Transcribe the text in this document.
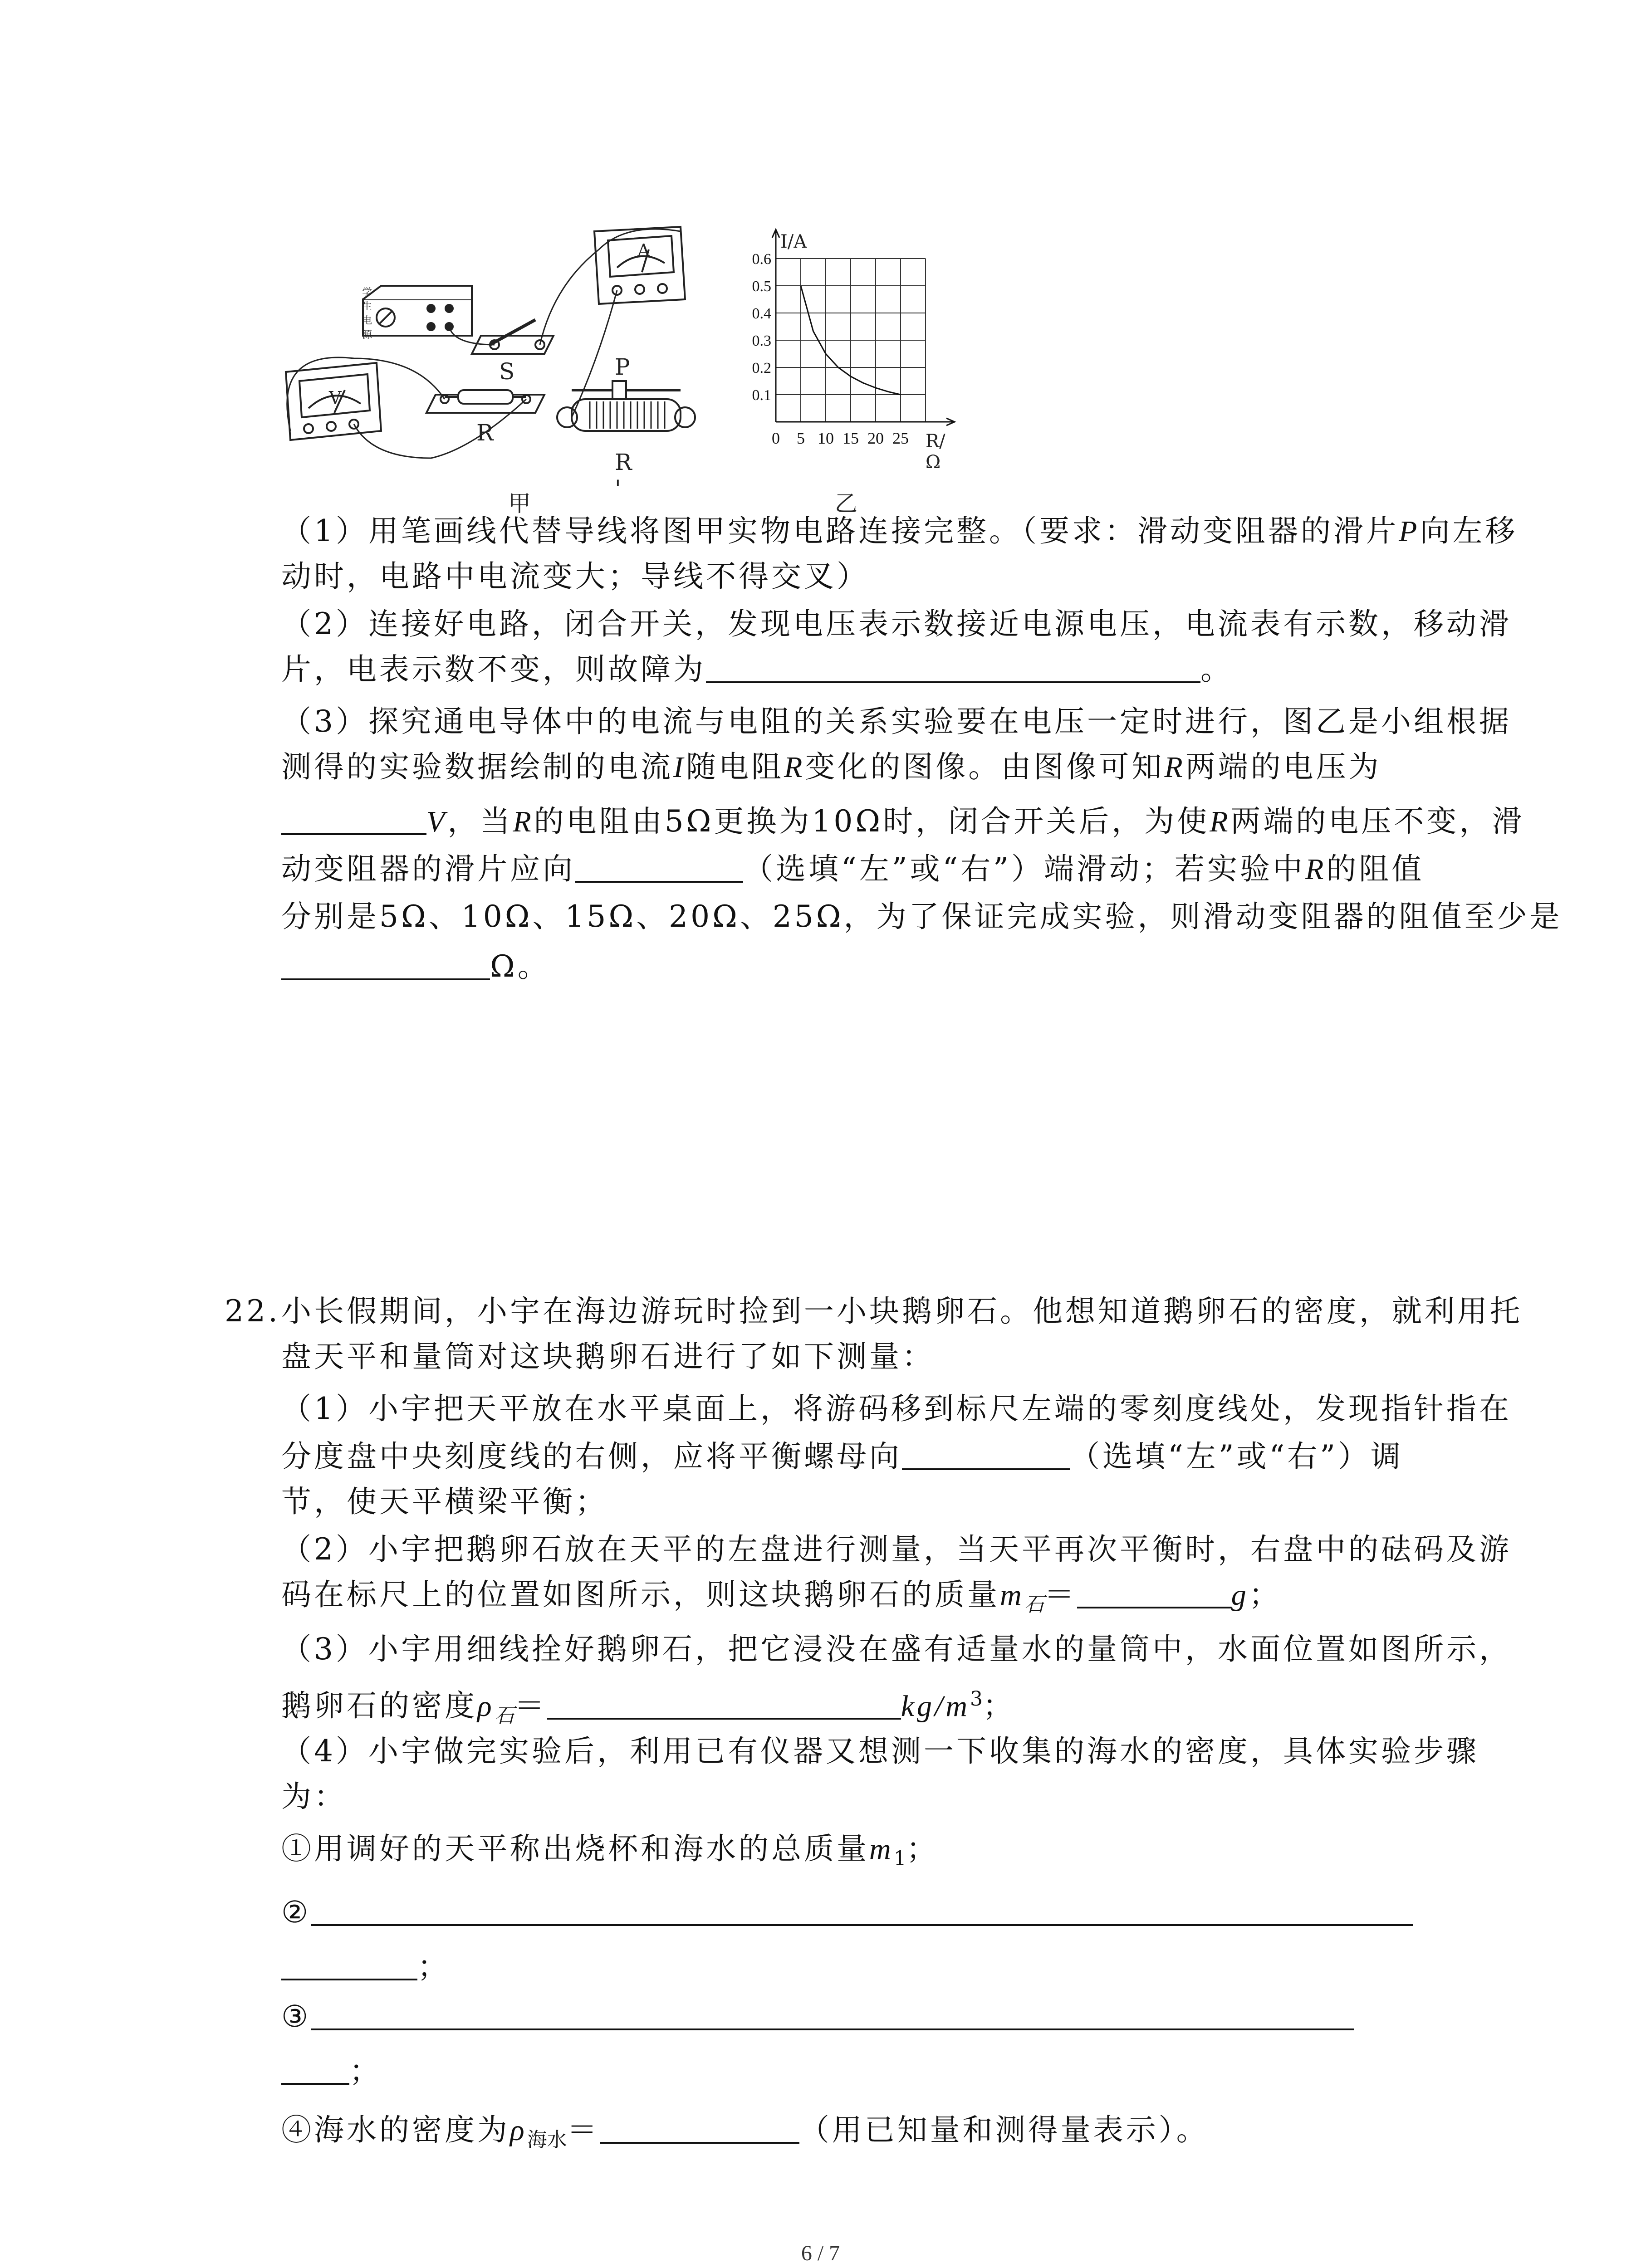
学生电源
V
A
S
R
P
R '
甲
0 5 10 15 20 25
0.1
0.2
0.3
0.4
0.5
0.6
I/A
R/Ω
乙
（1）用笔画线代替导线将图甲实物电路连接完整。（要求：滑动变阻器的滑片P向左移
动时，电路中电流变大；导线不得交叉）
（2）连接好电路，闭合开关，发现电压表示数接近电源电压，电流表有示数，移动滑
片，电表示数不变，则故障为	。
（3）探究通电导体中的电流与电阻的关系实验要在电压一定时进行，图乙是小组根据
测得的实验数据绘制的电流I随电阻R变化的图像。由图像可知R两端的电压为
V，当R的电阻由5Ω更换为10Ω时，闭合开关后，为使R两端的电压不变，滑
动变阻器的滑片应向	（选填“左”或“右”）端滑动；若实验中R的阻值
分别是5Ω、10Ω、15Ω、20Ω、25Ω，为了保证完成实验，则滑动变阻器的阻值至少是
Ω。
22. 小长假期间，小宇在海边游玩时捡到一小块鹅卵石。他想知道鹅卵石的密度，就利用托
盘天平和量筒对这块鹅卵石进行了如下测量：
（1）小宇把天平放在水平桌面上，将游码移到标尺左端的零刻度线处，发现指针指在
分度盘中央刻度线的右侧，应将平衡螺母向	（选填“左”或“右”）调
节，使天平横梁平衡；
（2）小宇把鹅卵石放在天平的左盘进行测量，当天平再次平衡时，右盘中的砝码及游
码在标尺上的位置如图所示，则这块鹅卵石的质量$m_石=$	g；
（3）小宇用细线拴好鹅卵石，把它浸没在盛有适量水的量筒中，水面位置如图所示，
鹅卵石的密度$\rho_石=$	$kg/m^3$；
（4）小宇做完实验后，利用已有仪器又想测一下收集的海水的密度，具体实验步骤
为：
①用调好的天平称出烧杯和海水的总质量$m_1$；
②
；
③
；
④海水的密度为$\rho_{海水}=$	（用已知量和测得量表示）。
6 / 7
